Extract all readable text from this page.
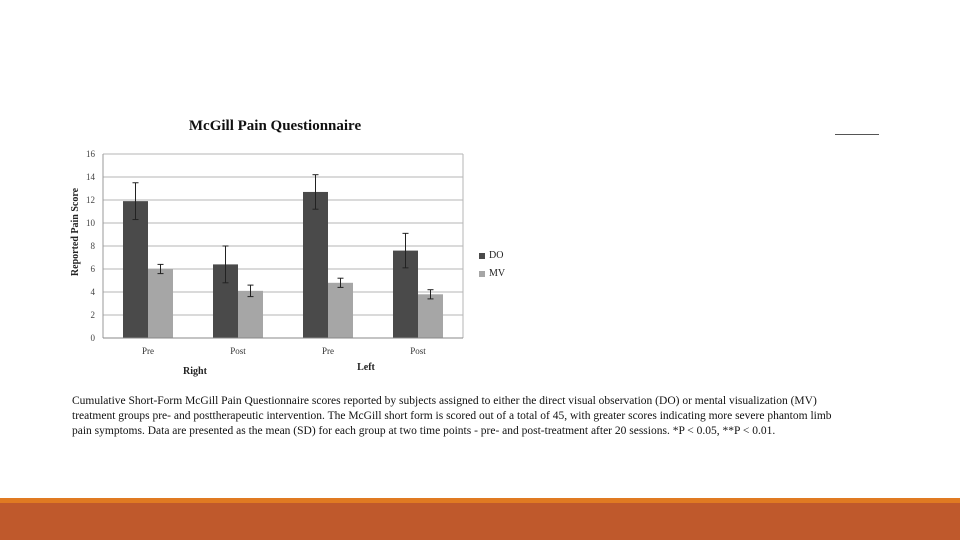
McGill Pain Questionnaire
0
2
4
6
8
10
12
14
16
Pre	Post	Pre	Post
Reported Pain Score	DO
MV
Right	Left
Cumulative Short-Form McGill Pain Questionnaire scores reported by subjects assigned to either the direct visual observation (DO) or mental visualization (MV) treatment groups pre- and posttherapeutic intervention. The McGill short form is scored out of a total of 45, with greater scores indicating more severe phantom limb pain symptoms. Data are presented as the mean (SD) for each group at two time points - pre- and post-treatment after 20 sessions. *P < 0.05, **P < 0.01.
